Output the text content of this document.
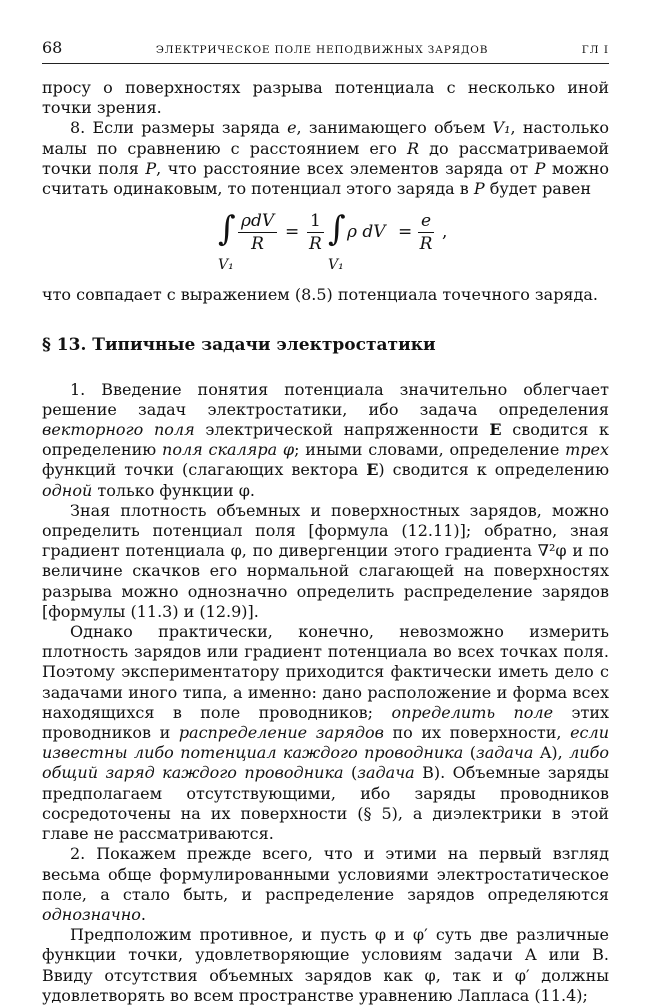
68	ЭЛЕКТРИЧЕСКОЕ ПОЛЕ НЕПОДВИЖНЫХ ЗАРЯДОВ	ГЛ I

просу о поверхностях разрыва потенциала с несколько иной точки зрения.

8. Если размеры заряда e, занимающего объем V₁, настолько малы по сравнению с расстоянием его R до рассматриваемой точки поля P, что расстояние всех элементов заряда от P можно считать одинаковым, то потенциал этого заряда в P будет равен

∫
V₁
ρdV
R
= $\frac{1}{R}$ ∫
V₁
ρ dV = $\frac{e}{R}$ ,

что совпадает с выражением (8.5) потенциала точечного заряда.

§ 13. Типичные задачи электростатики

1. Введение понятия потенциала значительно облегчает решение задач электростатики, ибо задача определения векторного поля электрической напряженности E сводится к определению поля скаляра φ; иными словами, определение трех функций точки (слагающих вектора E) сводится к определению одной только функции φ.

Зная плотность объемных и поверхностных зарядов, можно определить потенциал поля [формула (12.11)]; обратно, зная градиент потенциала φ, по дивергенции этого градиента ∇²φ и по величине скачков его нормальной слагающей на поверхностях разрыва можно однозначно определить распределение зарядов [формулы (11.3) и (12.9)].

Однако практически, конечно, невозможно измерить плотность зарядов или градиент потенциала во всех точках поля. Поэтому экспериментатору приходится фактически иметь дело с задачами иного типа, а именно: дано расположение и форма всех находящихся в поле проводников; определить поле этих проводников и распределение зарядов по их поверхности, если известны либо потенциал каждого проводника (задача A), либо общий заряд каждого проводника (задача B). Объемные заряды предполагаем отсутствующими, ибо заряды проводников сосредоточены на их поверхности (§ 5), а диэлектрики в этой главе не рассматриваются.

2. Покажем прежде всего, что и этими на первый взгляд весьма обще формулированными условиями электростатическое поле, а стало быть, и распределение зарядов определяются однозначно.

Предположим противное, и пусть φ и φ′ суть две различные функции точки, удовлетворяющие условиям задачи A или B. Ввиду отсутствия объемных зарядов как φ, так и φ′ должны удовлетворять во всем пространстве уравнению Лапласа (11.4);
